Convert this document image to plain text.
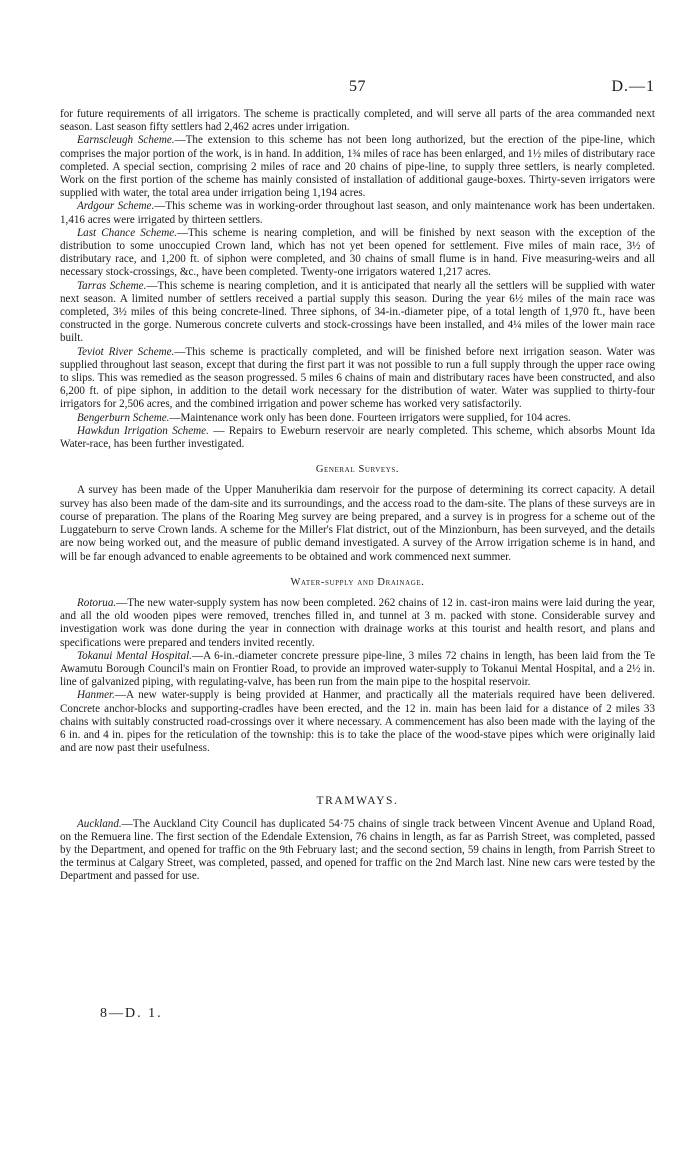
57	D.—1

for future requirements of all irrigators. The scheme is practically completed, and will serve all parts of the area commanded next season. Last season fifty settlers had 2,462 acres under irrigation.

Earnscleugh Scheme.—The extension to this scheme has not been long authorized, but the erection of the pipe-line, which comprises the major portion of the work, is in hand. In addition, 1¾ miles of race has been enlarged, and 1½ miles of distributary race completed. A special section, comprising 2 miles of race and 20 chains of pipe-line, to supply three settlers, is nearly completed. Work on the first portion of the scheme has mainly consisted of installation of additional gauge-boxes. Thirty-seven irrigators were supplied with water, the total area under irrigation being 1,194 acres.

Ardgour Scheme.—This scheme was in working-order throughout last season, and only maintenance work has been undertaken. 1,416 acres were irrigated by thirteen settlers.

Last Chance Scheme.—This scheme is nearing completion, and will be finished by next season with the exception of the distribution to some unoccupied Crown land, which has not yet been opened for settlement. Five miles of main race, 3½ of distributary race, and 1,200 ft. of siphon were completed, and 30 chains of small flume is in hand. Five measuring-weirs and all necessary stock-crossings, &c., have been completed. Twenty-one irrigators watered 1,217 acres.

Tarras Scheme.—This scheme is nearing completion, and it is anticipated that nearly all the settlers will be supplied with water next season. A limited number of settlers received a partial supply this season. During the year 6½ miles of the main race was completed, 3½ miles of this being concrete-lined. Three siphons, of 34-in.-diameter pipe, of a total length of 1,970 ft., have been constructed in the gorge. Numerous concrete culverts and stock-crossings have been installed, and 4¼ miles of the lower main race built.

Teviot River Scheme.—This scheme is practically completed, and will be finished before next irrigation season. Water was supplied throughout last season, except that during the first part it was not possible to run a full supply through the upper race owing to slips. This was remedied as the season progressed. 5 miles 6 chains of main and distributary races have been constructed, and also 6,200 ft. of pipe siphon, in addition to the detail work necessary for the distribution of water. Water was supplied to thirty-four irrigators for 2,506 acres, and the combined irrigation and power scheme has worked very satisfactorily.

Bengerburn Scheme.—Maintenance work only has been done. Fourteen irrigators were supplied, for 104 acres.

Hawkdun Irrigation Scheme. — Repairs to Eweburn reservoir are nearly completed. This scheme, which absorbs Mount Ida Water-race, has been further investigated.

General Surveys.

A survey has been made of the Upper Manuherikia dam reservoir for the purpose of determining its correct capacity. A detail survey has also been made of the dam-site and its surroundings, and the access road to the dam-site. The plans of these surveys are in course of preparation. The plans of the Roaring Meg survey are being prepared, and a survey is in progress for a scheme out of the Luggateburn to serve Crown lands. A scheme for the Miller's Flat district, out of the Minzionburn, has been surveyed, and the details are now being worked out, and the measure of public demand investigated. A survey of the Arrow irrigation scheme is in hand, and will be far enough advanced to enable agreements to be obtained and work commenced next summer.

Water-supply and Drainage.

Rotorua.—The new water-supply system has now been completed. 262 chains of 12 in. cast-iron mains were laid during the year, and all the old wooden pipes were removed, trenches filled in, and tunnel at 3 m. packed with stone. Considerable survey and investigation work was done during the year in connection with drainage works at this tourist and health resort, and plans and specifications were prepared and tenders invited recently.

Tokanui Mental Hospital.—A 6-in.-diameter concrete pressure pipe-line, 3 miles 72 chains in length, has been laid from the Te Awamutu Borough Council's main on Frontier Road, to provide an improved water-supply to Tokanui Mental Hospital, and a 2½ in. line of galvanized piping, with regulating-valve, has been run from the main pipe to the hospital reservoir.

Hanmer.—A new water-supply is being provided at Hanmer, and practically all the materials required have been delivered. Concrete anchor-blocks and supporting-cradles have been erected, and the 12 in. main has been laid for a distance of 2 miles 33 chains with suitably constructed road-crossings over it where necessary. A commencement has also been made with the laying of the 6 in. and 4 in. pipes for the reticulation of the township: this is to take the place of the wood-stave pipes which were originally laid and are now past their usefulness.

TRAMWAYS.

Auckland.—The Auckland City Council has duplicated 54·75 chains of single track between Vincent Avenue and Upland Road, on the Remuera line. The first section of the Edendale Extension, 76 chains in length, as far as Parrish Street, was completed, passed by the Department, and opened for traffic on the 9th February last; and the second section, 59 chains in length, from Parrish Street to the terminus at Calgary Street, was completed, passed, and opened for traffic on the 2nd March last. Nine new cars were tested by the Department and passed for use.

8—D. 1.
